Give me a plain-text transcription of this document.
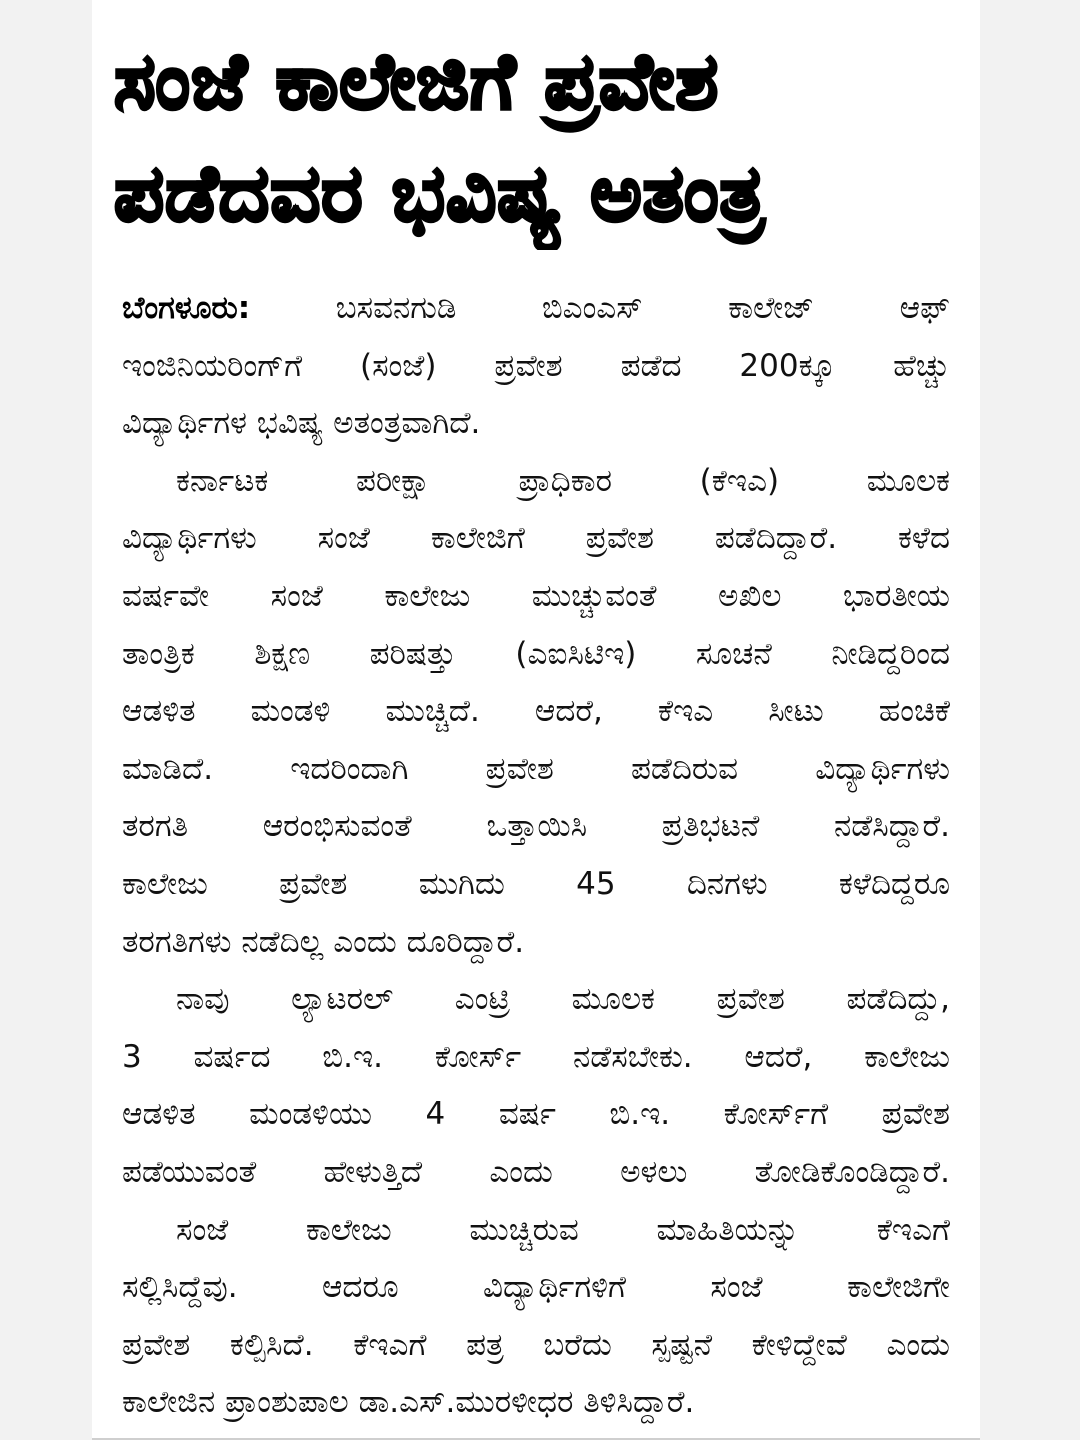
ಸಂಜೆ ಕಾಲೇಜಿಗೆ ಪ್ರವೇಶ
ಪಡೆದವರ ಭವಿಷ್ಯ ಅತಂತ್ರ
ಬೆಂಗಳೂರು:	ಬಸವನಗುಡಿ ಬಿಎಂಎಸ್ ಕಾಲೇಜ್ ಆಫ್
ಇಂಜಿನಿಯರಿಂಗ್‌ಗೆ (ಸಂಜೆ) ಪ್ರವೇಶ ಪಡೆದ 200ಕ್ಕೂ ಹೆಚ್ಚು
ವಿದ್ಯಾರ್ಥಿಗಳ ಭವಿಷ್ಯ ಅತಂತ್ರವಾಗಿದೆ.
ಕರ್ನಾಟಕ ಪರೀಕ್ಷಾ ಪ್ರಾಧಿಕಾರ (ಕೆಇಎ) ಮೂಲಕ
ವಿದ್ಯಾರ್ಥಿಗಳು ಸಂಜೆ ಕಾಲೇಜಿಗೆ ಪ್ರವೇಶ ಪಡೆದಿದ್ದಾರೆ. ಕಳೆದ
ವರ್ಷವೇ ಸಂಜೆ ಕಾಲೇಜು ಮುಚ್ಚುವಂತೆ ಅಖಿಲ ಭಾರತೀಯ
ತಾಂತ್ರಿಕ ಶಿಕ್ಷಣ ಪರಿಷತ್ತು (ಎಐಸಿಟಿಇ) ಸೂಚನೆ ನೀಡಿದ್ದರಿಂದ
ಆಡಳಿತ ಮಂಡಳಿ ಮುಚ್ಚಿದೆ. ಆದರೆ, ಕೆಇಎ ಸೀಟು ಹಂಚಿಕೆ
ಮಾಡಿದೆ. ಇದರಿಂದಾಗಿ ಪ್ರವೇಶ ಪಡೆದಿರುವ ವಿದ್ಯಾರ್ಥಿಗಳು
ತರಗತಿ ಆರಂಭಿಸುವಂತೆ ಒತ್ತಾಯಿಸಿ ಪ್ರತಿಭಟನೆ ನಡೆಸಿದ್ದಾರೆ.
ಕಾಲೇಜು ಪ್ರವೇಶ ಮುಗಿದು 45 ದಿನಗಳು ಕಳೆದಿದ್ದರೂ
ತರಗತಿಗಳು ನಡೆದಿಲ್ಲ ಎಂದು ದೂರಿದ್ದಾರೆ.
ನಾವು ಲ್ಯಾಟರಲ್ ಎಂಟ್ರಿ ಮೂಲಕ ಪ್ರವೇಶ ಪಡೆದಿದ್ದು,
3 ವರ್ಷದ ಬಿ.ಇ. ಕೋರ್ಸ್ ನಡೆಸಬೇಕು. ಆದರೆ, ಕಾಲೇಜು
ಆಡಳಿತ ಮಂಡಳಿಯು 4 ವರ್ಷ ಬಿ.ಇ. ಕೋರ್ಸ್‌ಗೆ ಪ್ರವೇಶ
ಪಡೆಯುವಂತೆ ಹೇಳುತ್ತಿದೆ ಎಂದು ಅಳಲು ತೋಡಿಕೊಂಡಿದ್ದಾರೆ.
ಸಂಜೆ ಕಾಲೇಜು ಮುಚ್ಚಿರುವ ಮಾಹಿತಿಯನ್ನು ಕೆಇಎಗೆ
ಸಲ್ಲಿಸಿದ್ದೆವು. ಆದರೂ ವಿದ್ಯಾರ್ಥಿಗಳಿಗೆ ಸಂಜೆ ಕಾಲೇಜಿಗೇ
ಪ್ರವೇಶ ಕಲ್ಪಿಸಿದೆ. ಕೆಇಎಗೆ ಪತ್ರ ಬರೆದು ಸ್ಪಷ್ಟನೆ ಕೇಳಿದ್ದೇವೆ ಎಂದು
ಕಾಲೇಜಿನ ಪ್ರಾಂಶುಪಾಲ ಡಾ.ಎಸ್.ಮುರಳೀಧರ ತಿಳಿಸಿದ್ದಾರೆ.
